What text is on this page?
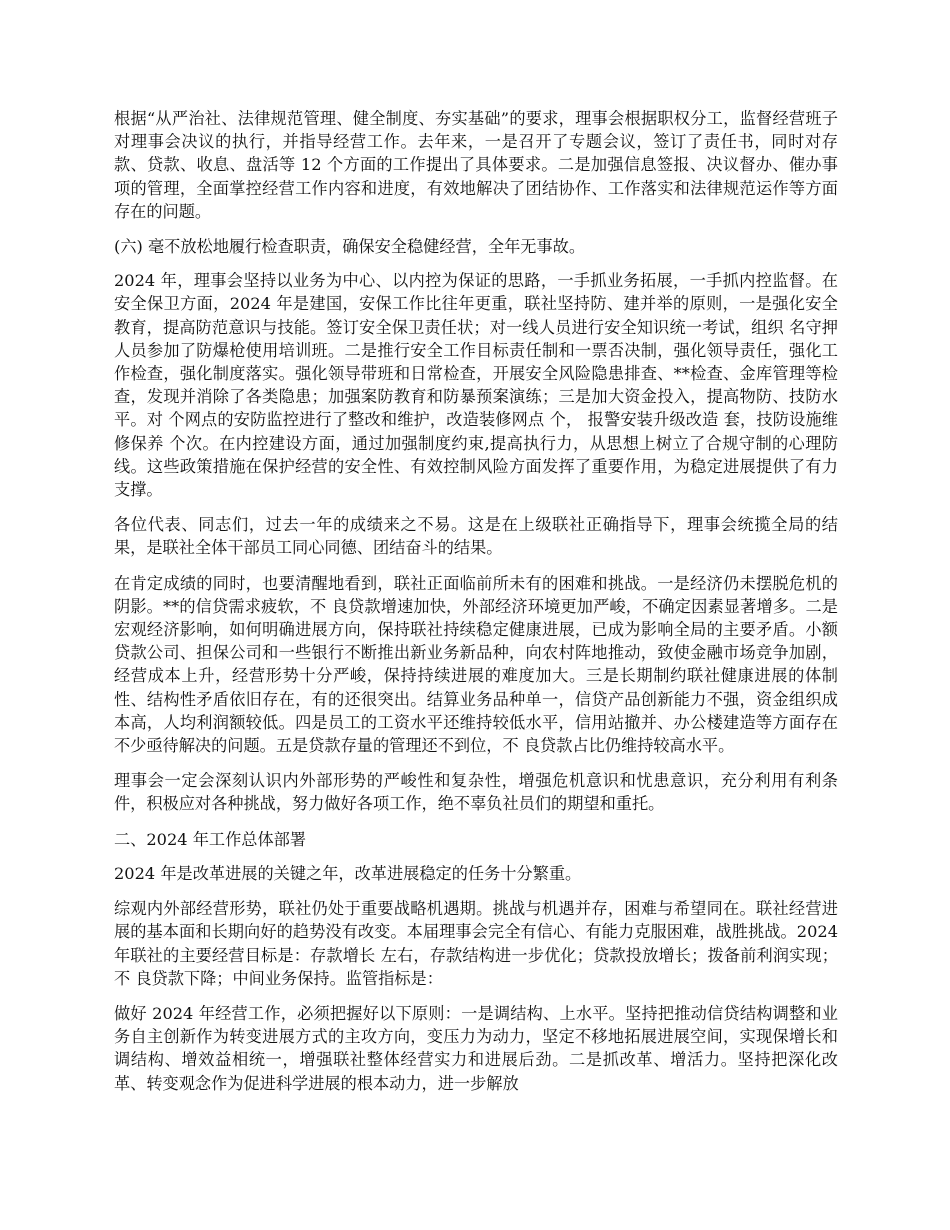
根据“从严治社、法律规范管理、健全制度、夯实基础”的要求，理事会根据职权分工，监督经营班子对理事会决议的执行，并指导经营工作。去年来，一是召开了专题会议，签订了责任书，同时对存款、贷款、收息、盘活等 12 个方面的工作提出了具体要求。二是加强信息签报、决议督办、催办事项的管理，全面掌控经营工作内容和进度，有效地解决了团结协作、工作落实和法律规范运作等方面存在的问题。

(六) 毫不放松地履行检查职责，确保安全稳健经营，全年无事故。

2024 年，理事会坚持以业务为中心、以内控为保证的思路，一手抓业务拓展，一手抓内控监督。在安全保卫方面，2024 年是建国，安保工作比往年更重，联社坚持防、建并举的原则，一是强化安全教育，提高防范意识与技能。签订安全保卫责任状；对一线人员进行安全知识统一考试，组织 名守押人员参加了防爆枪使用培训班。二是推行安全工作目标责任制和一票否决制，强化领导责任，强化工作检查，强化制度落实。强化领导带班和日常检查，开展安全风险隐患排查、**检查、金库管理等检查，发现并消除了各类隐患；加强案防教育和防暴预案演练；三是加大资金投入，提高物防、技防水平。对 个网点的安防监控进行了整改和维护，改造装修网点 个， 报警安装升级改造 套，技防设施维修保养 个次。在内控建设方面，通过加强制度约束,提高执行力，从思想上树立了合规守制的心理防线。这些政策措施在保护经营的安全性、有效控制风险方面发挥了重要作用，为稳定进展提供了有力支撑。

各位代表、同志们，过去一年的成绩来之不易。这是在上级联社正确指导下，理事会统揽全局的结果，是联社全体干部员工同心同德、团结奋斗的结果。

在肯定成绩的同时，也要清醒地看到，联社正面临前所未有的困难和挑战。一是经济仍未摆脱危机的阴影。**的信贷需求疲软，不 良贷款增速加快，外部经济环境更加严峻，不确定因素显著增多。二是宏观经济影响，如何明确进展方向，保持联社持续稳定健康进展，已成为影响全局的主要矛盾。小额贷款公司、担保公司和一些银行不断推出新业务新品种，向农村阵地推动，致使金融市场竞争加剧，经营成本上升，经营形势十分严峻，保持持续进展的难度加大。三是长期制约联社健康进展的体制性、结构性矛盾依旧存在，有的还很突出。结算业务品种单一，信贷产品创新能力不强，资金组织成本高，人均利润额较低。四是员工的工资水平还维持较低水平，信用站撤并、办公楼建造等方面存在不少亟待解决的问题。五是贷款存量的管理还不到位，不 良贷款占比仍维持较高水平。

理事会一定会深刻认识内外部形势的严峻性和复杂性，增强危机意识和忧患意识，充分利用有利条件，积极应对各种挑战，努力做好各项工作，绝不辜负社员们的期望和重托。

二、2024 年工作总体部署

2024 年是改革进展的关键之年，改革进展稳定的任务十分繁重。

综观内外部经营形势，联社仍处于重要战略机遇期。挑战与机遇并存，困难与希望同在。联社经营进展的基本面和长期向好的趋势没有改变。本届理事会完全有信心、有能力克服困难，战胜挑战。2024 年联社的主要经营目标是：存款增长 左右，存款结构进一步优化；贷款投放增长；拨备前利润实现；不 良贷款下降；中间业务保持。监管指标是：

做好 2024 年经营工作，必须把握好以下原则：一是调结构、上水平。坚持把推动信贷结构调整和业务自主创新作为转变进展方式的主攻方向，变压力为动力，坚定不移地拓展进展空间，实现保增长和调结构、增效益相统一，增强联社整体经营实力和进展后劲。二是抓改革、增活力。坚持把深化改革、转变观念作为促进科学进展的根本动力，进一步解放
